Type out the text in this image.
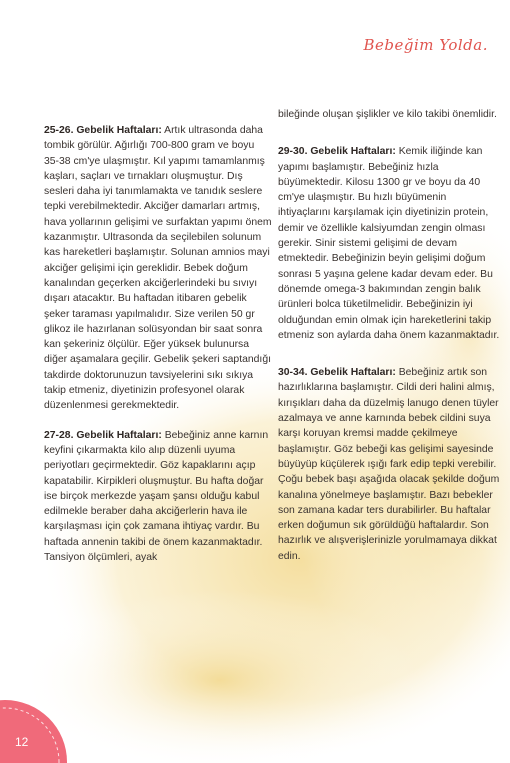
Bebeğim Yolda.

25-26. Gebelik Haftaları: Artık ultrasonda daha tombik görülür. Ağırlığı 700-800 gram ve boyu 35-38 cm'ye ulaşmıştır. Kıl yapımı tamamlanmış kaşları, saçları ve tırnakları oluşmuştur. Dış sesleri daha iyi tanımlamakta ve tanıdık seslere tepki verebilmektedir. Akciğer damarları artmış, hava yollarının gelişimi ve surfaktan yapımı önem kazanmıştır. Ultrasonda da seçilebilen solunum kas hareketleri başlamıştır. Solunan amnios mayi akciğer gelişimi için gereklidir. Bebek doğum kanalından geçerken akciğerlerindeki bu sıvıyı dışarı atacaktır. Bu haftadan itibaren gebelik şeker taraması yapılmalıdır. Size verilen 50 gr glikoz ile hazırlanan solüsyondan bir saat sonra kan şekeriniz ölçülür. Eğer yüksek bulunursa diğer aşamalara geçilir. Gebelik şekeri saptandığı takdirde doktorunuzun tavsiyelerini sıkı sıkıya takip etmeniz, diyetinizin profesyonel olarak düzenlenmesi gerekmektedir.

27-28. Gebelik Haftaları: Bebeğiniz anne karnın keyfini çıkarmakta kilo alıp düzenli uyuma periyotları geçirmektedir. Göz kapaklarını açıp kapatabilir. Kirpikleri oluşmuştur. Bu hafta doğar ise birçok merkezde yaşam şansı olduğu kabul edilmekle beraber daha akciğerlerin hava ile karşılaşması için çok zamana ihtiyaç vardır. Bu haftada annenin takibi de önem kazanmaktadır. Tansiyon ölçümleri, ayak

bileğinde oluşan şişlikler ve kilo takibi önemlidir.

29-30. Gebelik Haftaları: Kemik iliğinde kan yapımı başlamıştır. Bebeğiniz hızla büyümektedir. Kilosu 1300 gr ve boyu da 40 cm'ye ulaşmıştır. Bu hızlı büyümenin ihtiyaçlarını karşılamak için diyetinizin protein, demir ve özellikle kalsiyumdan zengin olması gerekir. Sinir sistemi gelişimi de devam etmektedir. Bebeğinizin beyin gelişimi doğum sonrası 5 yaşına gelene kadar devam eder. Bu dönemde omega-3 bakımından zengin balık ürünleri bolca tüketilmelidir. Bebeğinizin iyi olduğundan emin olmak için hareketlerini takip etmeniz son aylarda daha önem kazanmaktadır.

30-34. Gebelik Haftaları: Bebeğiniz artık son hazırlıklarına başlamıştır. Cildi deri halini almış, kırışıkları daha da düzelmiş lanugo denen tüyler azalmaya ve anne karnında bebek cildini suya karşı koruyan kremsi madde çekilmeye başlamıştır. Göz bebeği kas gelişimi sayesinde büyüyüp küçülerek ışığı fark edip tepki verebilir. Çoğu bebek başı aşağıda olacak şekilde doğum kanalına yönelmeye başlamıştır. Bazı bebekler son zamana kadar ters durabilirler. Bu haftalar erken doğumun sık görüldüğü haftalardır. Son hazırlık ve alışverişlerinizle yorulmamaya dikkat edin.

12
